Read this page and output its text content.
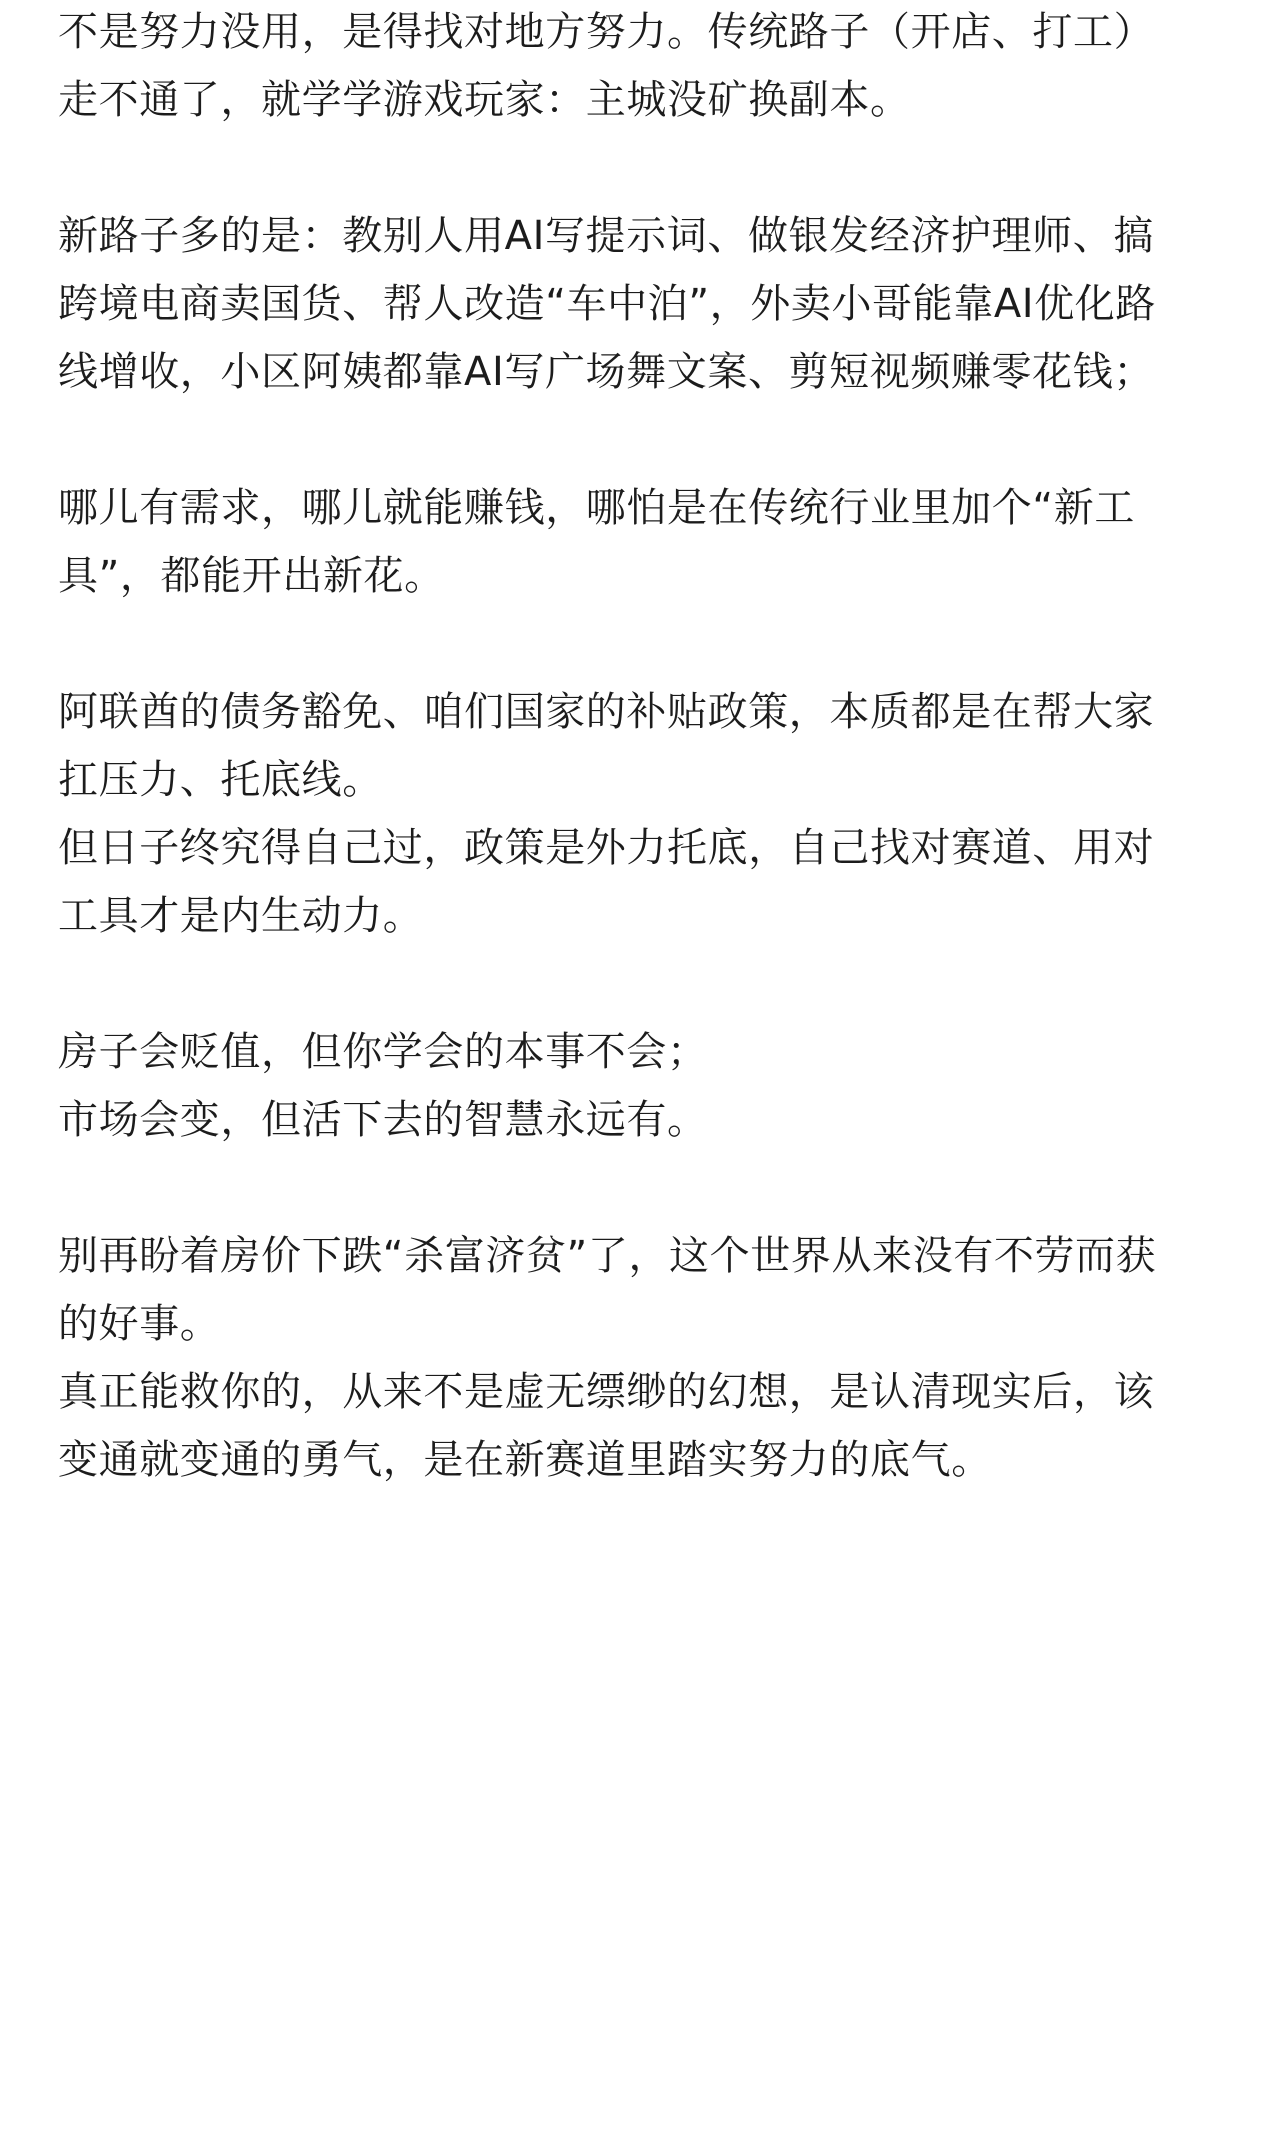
不是努力没用，是得找对地方努力。传统路子（开店、打工）
走不通了，就学学游戏玩家：主城没矿换副本。
新路子多的是：教别人用AI写提示词、做银发经济护理师、搞
跨境电商卖国货、帮人改造“车中泊”，外卖小哥能靠AI优化路
线增收，小区阿姨都靠AI写广场舞文案、剪短视频赚零花钱；
哪儿有需求，哪儿就能赚钱，哪怕是在传统行业里加个“新工
具”，都能开出新花。
阿联酋的债务豁免、咱们国家的补贴政策，本质都是在帮大家
扛压力、托底线。
但日子终究得自己过，政策是外力托底，自己找对赛道、用对
工具才是内生动力。
房子会贬值，但你学会的本事不会；
市场会变，但活下去的智慧永远有。
别再盼着房价下跌“杀富济贫”了，这个世界从来没有不劳而获
的好事。
真正能救你的，从来不是虚无缥缈的幻想，是认清现实后，该
变通就变通的勇气，是在新赛道里踏实努力的底气。
